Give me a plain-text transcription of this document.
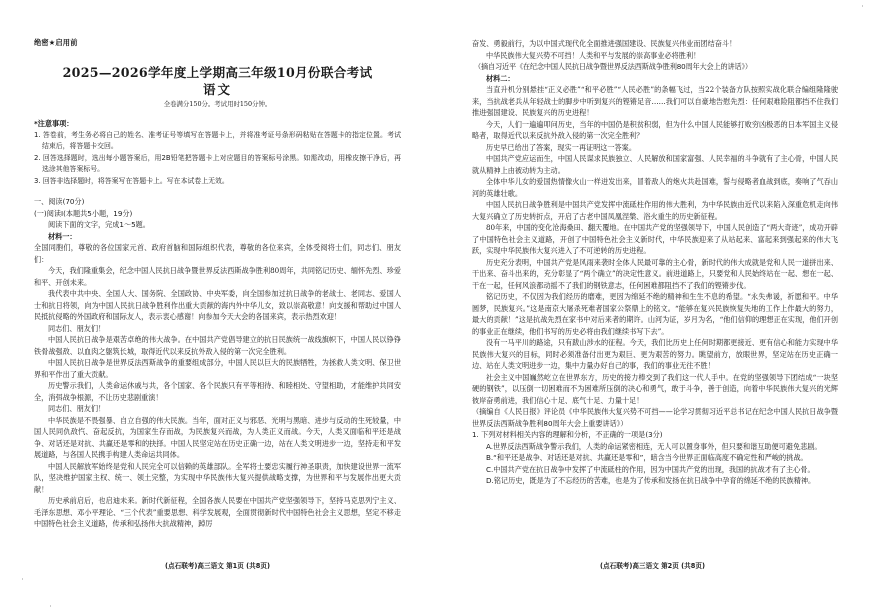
绝密★启用前
2025—2026学年度上学期高三年级10月份联合考试
语文
全卷满分150分。考试用时150分钟。

*注意事项：

1. 答卷前，考生务必将自己的姓名、准考证号等填写在答题卡上，并将准考证号条形码粘贴在答题卡的指定位置。考试结束后，将答题卡交回。

2. 回答选择题时，选出每小题答案后，用2B铅笔把答题卡上对应题目的答案标号涂黑。如需改动，用橡皮擦干净后，再选涂其他答案标号。

3. 回答非选择题时，将答案写在答题卡上。写在本试卷上无效。

一、阅读(70分)

(一)阅读Ⅰ(本题共5小题，19分)

阅读下面的文字，完成1～5题。

材料一：

全国同胞们，尊敬的各位国家元首、政府首脑和国际组织代表，尊敬的各位来宾，全体受阅将士们，同志们、朋友们：

今天，我们隆重集会，纪念中国人民抗日战争暨世界反法西斯战争胜利80周年，共同铭记历史、缅怀先烈、珍爱和平、开创未来。

我代表中共中央、全国人大、国务院、全国政协、中央军委，向全国参加过抗日战争的老战士、老同志、爱国人士和抗日将领，向为中国人民抗日战争胜利作出重大贡献的海内外中华儿女，致以崇高敬意！向支援和帮助过中国人民抵抗侵略的外国政府和国际友人，表示衷心感谢！向参加今天大会的各国来宾，表示热烈欢迎！

同志们、朋友们！

中国人民抗日战争是艰苦卓绝的伟大战争。在中国共产党倡导建立的抗日民族统一战线旗帜下，中国人民以铮铮铁骨战强敌、以血肉之躯筑长城，取得近代以来反抗外敌入侵的第一次完全胜利。

中国人民抗日战争是世界反法西斯战争的重要组成部分，中国人民以巨大的民族牺牲，为拯救人类文明、保卫世界和平作出了重大贡献。

历史警示我们，人类命运休戚与共，各个国家、各个民族只有平等相待、和睦相处、守望相助，才能维护共同安全，消弭战争根源，不让历史悲剧重演！

同志们、朋友们！

中华民族是不畏强暴、自立自强的伟大民族。当年，面对正义与邪恶、光明与黑暗、进步与反动的生死较量，中国人民同仇敌忾、奋起反抗，为国家生存而战，为民族复兴而战，为人类正义而战。今天，人类又面临和平还是战争、对话还是对抗、共赢还是零和的抉择。中国人民坚定站在历史正确一边，站在人类文明进步一边，坚持走和平发展道路，与各国人民携手构建人类命运共同体。

中国人民解放军始终是党和人民完全可以信赖的英雄部队。全军将士要忠实履行神圣职责，加快建设世界一流军队，坚决维护国家主权、统一、领土完整，为实现中华民族伟大复兴提供战略支撑，为世界和平与发展作出更大贡献！

历史承前启后，也启迪未来。新时代新征程，全国各族人民要在中国共产党坚强领导下，坚持马克思列宁主义、毛泽东思想、邓小平理论、“三个代表”重要思想、科学发展观，全面贯彻新时代中国特色社会主义思想，坚定不移走中国特色社会主义道路，传承和弘扬伟大抗战精神，踔厉

(点石联考)高三语文 第1页 (共8页)

奋发、勇毅前行，为以中国式现代化全面推进强国建设、民族复兴伟业而团结奋斗！

中华民族伟大复兴势不可挡！人类和平与发展的崇高事业必将胜利！

（摘自习近平《在纪念中国人民抗日战争暨世界反法西斯战争胜利80周年大会上的讲话》）

材料二：

当直升机分别悬挂“正义必胜”“和平必胜”“人民必胜”的条幅飞过，当22个装备方队按照实战化联合编组隆隆驶来，当抗战老兵从年轻战士的脚步中听到复兴的铿锵足音……我们可以自豪地告慰先烈：任何艰难险阻都挡不住我们推进强国建设、民族复兴的历史进程！

今天，人们一遍遍叩问历史，当年的中国仍是积贫积弱，但为什么中国人民能够打败穷凶极恶的日本军国主义侵略者，取得近代以来反抗外敌入侵的第一次完全胜利？

历史早已给出了答案，现实一再证明这一答案。

中国共产党应运而生，中国人民谋求民族独立、人民解放和国家富强、人民幸福的斗争就有了主心骨，中国人民就从精神上由被动转为主动。

全体中华儿女的爱国热情像火山一样迸发出来，冒着敌人的炮火共赴国难，誓与侵略者血战到底，奏响了气吞山河的英雄壮歌。

中国人民抗日战争胜利是中国共产党发挥中流砥柱作用的伟大胜利，为中华民族由近代以来陷入深重危机走向伟大复兴确立了历史转折点，开启了古老中国凤凰涅槃、浴火重生的历史新征程。

80年来，中国的变化沧海桑田、翻天覆地。在中国共产党的坚强领导下，中国人民创造了“两大奇迹”，成功开辟了中国特色社会主义道路，开创了中国特色社会主义新时代，中华民族迎来了从站起来、富起来到强起来的伟大飞跃，实现中华民族伟大复兴进入了不可逆转的历史进程。

历史充分表明，中国共产党是风雨来袭时全体人民最可靠的主心骨，新时代的伟大成就是党和人民一道拼出来、干出来、奋斗出来的，充分彰显了“两个确立”的决定性意义。前进道路上，只要党和人民始终站在一起、想在一起、干在一起，任何风浪都动摇不了我们的钢铁意志，任何困难都阻挡不了我们的铿锵步伐。

铭记历史，不仅因为我们经历的磨难，更因为绵延不绝的精神和生生不息的希望。“永失弗谖，祈愿和平。中华圆梦，民族复兴。”这是南京大屠杀死难者国家公祭鼎上的铭文。“能够在复兴民族恢复失地的工作上作最大的努力，最大的贡献！”这是抗战先烈在家书中对后来者的期许。山河为证，岁月为名，“他们信仰的理想正在实现，他们开创的事业正在继续，他们书写的历史必将由我们继续书写下去”。

没有一马平川的路途，只有跋山涉水的征程。今天，我们比历史上任何时期都更接近、更有信心和能力实现中华民族伟大复兴的目标，同时必须准备付出更为艰巨、更为艰苦的努力。眺望前方，放眼世界，坚定站在历史正确一边、站在人类文明进步一边，集中力量办好自己的事，我们的事业无往不胜！

社会主义中国巍然屹立在世界东方，历史的接力棒交到了我们这一代人手中。在党的坚强领导下团结成“一块坚硬的钢铁”，以压倒一切困难而不为困难所压倒的决心和勇气，敢于斗争，善于创造，向着中华民族伟大复兴的光辉彼岸奋勇前进，我们信心十足、底气十足、力量十足！

（摘编自《人民日报》评论员《中华民族伟大复兴势不可挡——论学习贯彻习近平总书记在纪念中国人民抗日战争暨世界反法西斯战争胜利80周年大会上重要讲话》）

1. 下列对材料相关内容的理解和分析，不正确的一项是(3分)

A.世界反法西斯战争警示我们，人类的命运紧密相连，无人可以置身事外，但只要和谐互助便可避免悲剧。
B.“和平还是战争、对话还是对抗、共赢还是零和”，暗含当今世界正面临高度不确定性和严峻的挑战。
C.中国共产党在抗日战争中发挥了中流砥柱的作用，因为中国共产党的出现，我国的抗战才有了主心骨。
D.铭记历史，既是为了不忘经历的苦难，也是为了传承和发扬在抗日战争中孕育的绵延不绝的民族精神。
(点石联考)高三语文 第2页 (共8页)
